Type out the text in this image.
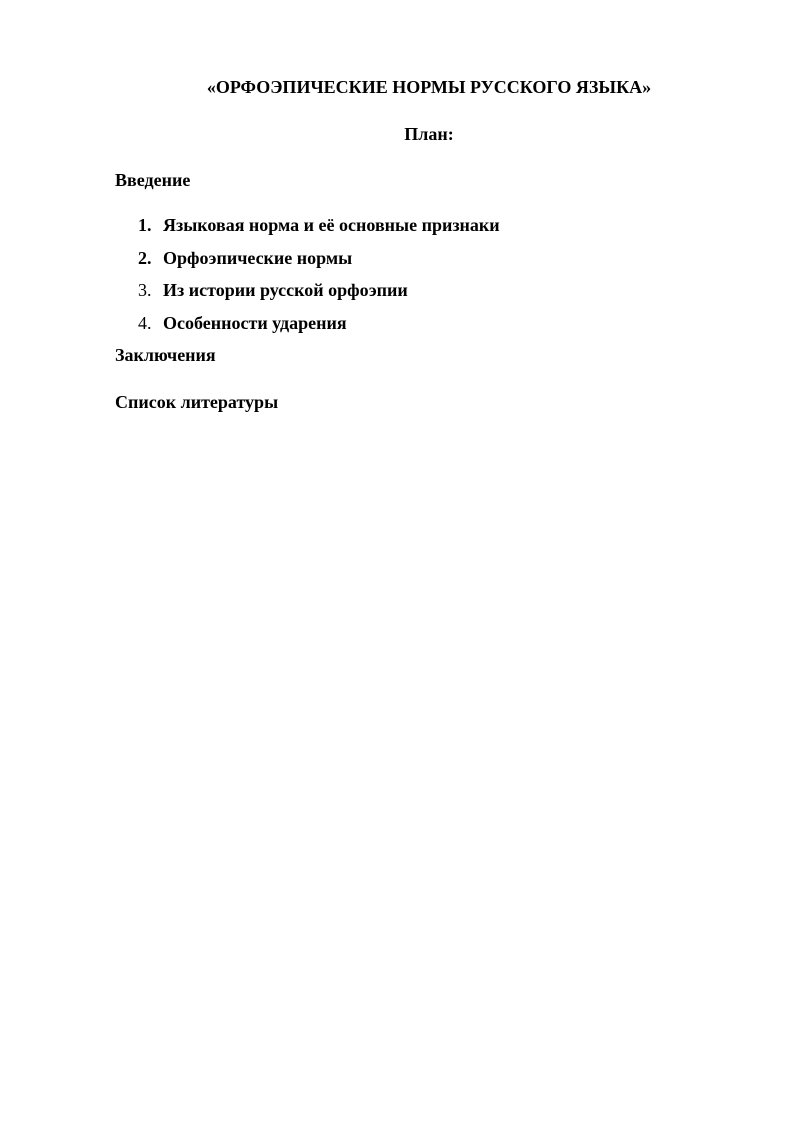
«ОРФОЭПИЧЕСКИЕ НОРМЫ РУССКОГО ЯЗЫКА»
План:
Введение
1. Языковая норма и её основные признаки
2. Орфоэпические нормы
3. Из истории русской орфоэпии
4. Особенности ударения
Заключения
Список литературы
